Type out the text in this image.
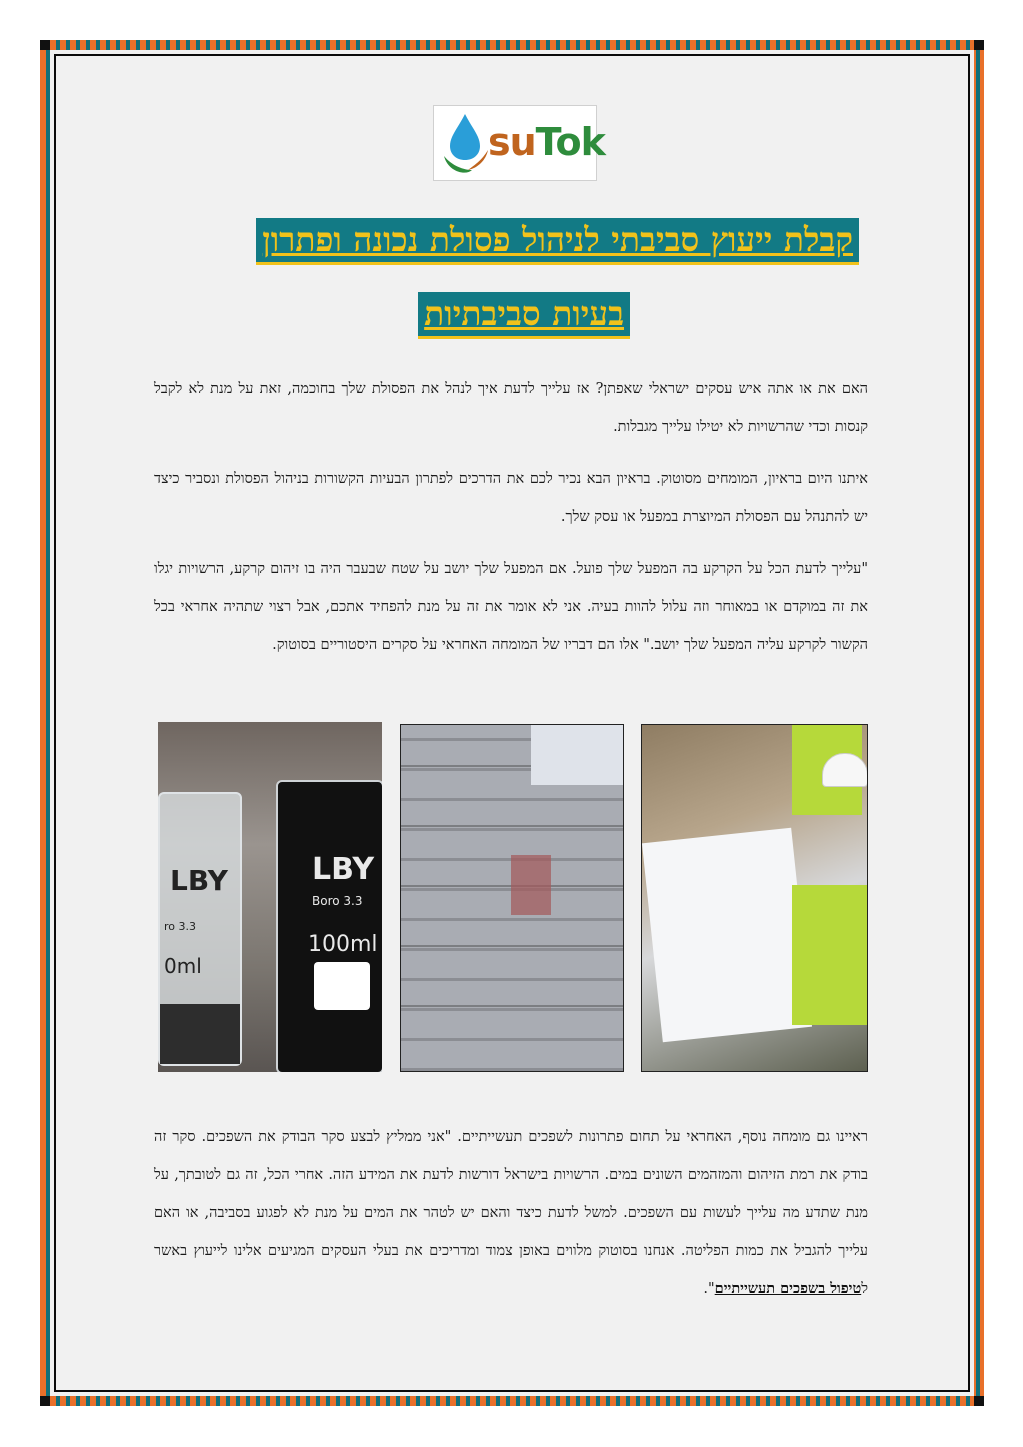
suTok
קבלת ייעוץ סביבתי לניהול פסולת נכונה ופתרון
בעיות סביבתיות
האם את או אתה איש עסקים ישראלי שאפתן? אז עלייך לדעת איך לנהל את הפסולת שלך בחוכמה, זאת על מנת לא לקבל קנסות וכדי שהרשויות לא יטילו עלייך מגבלות.
איתנו היום בראיון, המומחים מסוטוק. בראיון הבא נכיר לכם את הדרכים לפתרון הבעיות הקשורות בניהול הפסולת ונסביר כיצד יש להתנהל עם הפסולת המיוצרת במפעל או עסק שלך.
"עלייך לדעת הכל על הקרקע בה המפעל שלך פועל. אם המפעל שלך יושב על שטח שבעבר היה בו זיהום קרקע, הרשויות יגלו את זה במוקדם או במאוחר וזה עלול להוות בעיה. אני לא אומר את זה על מנת להפחיד אתכם, אבל רצוי שתהיה אחראי בכל הקשור לקרקע עליה המפעל שלך יושב." אלו הם דבריו של המומחה האחראי על סקרים היסטוריים בסוטוק.
LBY
ro 3.3
0ml
LBY
Boro 3.3
100ml
ראיינו גם מומחה נוסף, האחראי על תחום פתרונות לשפכים תעשייתיים. "אני ממליץ לבצע סקר הבודק את השפכים. סקר זה בודק את רמת הזיהום והמזהמים השונים במים. הרשויות בישראל דורשות לדעת את המידע הזה. אחרי הכל, זה גם לטובתך, על מנת שתדע מה עלייך לעשות עם השפכים. למשל לדעת כיצד והאם יש לטהר את המים על מנת לא לפגוע בסביבה, או האם עלייך להגביל את כמות הפליטה. אנחנו בסוטוק מלווים באופן צמוד ומדריכים את בעלי העסקים המגיעים אלינו לייעוץ באשר לטיפול בשפכים תעשייתיים".
